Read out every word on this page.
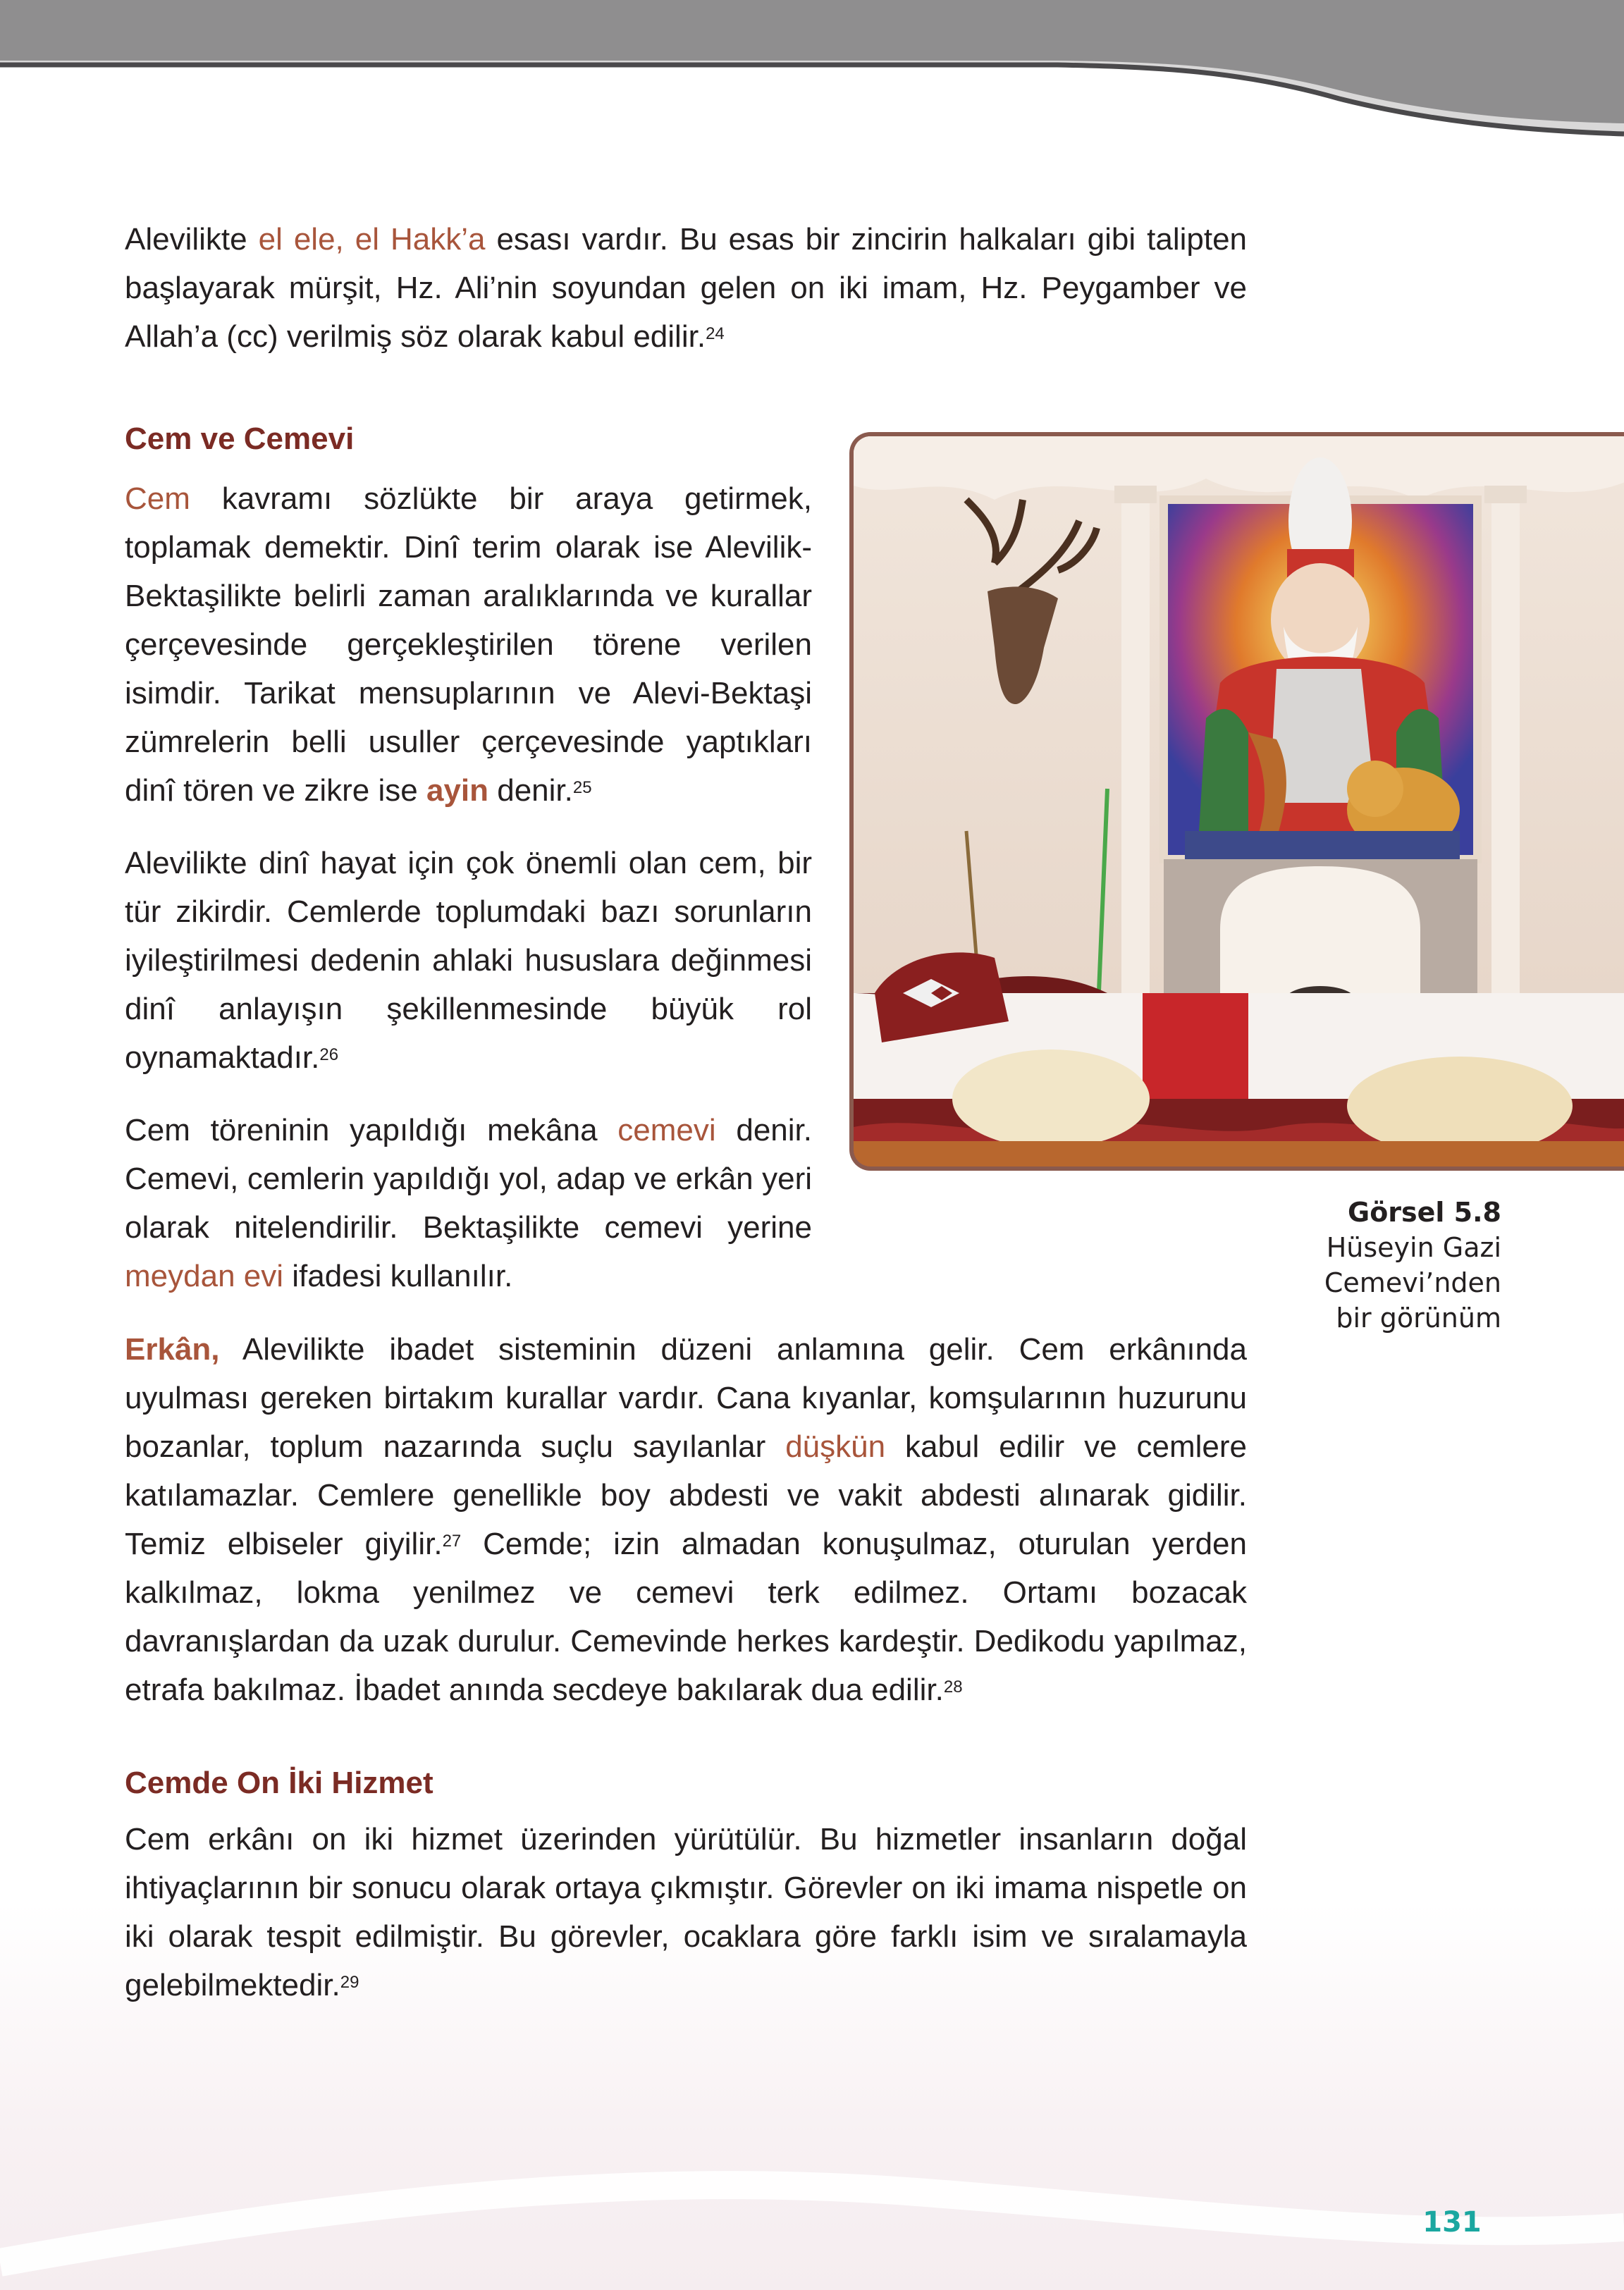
Alevilikte el ele, el Hakk’a esası vardır. Bu esas bir zincirin halkaları gibi talipten başlayarak mürşit, Hz. Ali’nin soyundan gelen on iki imam, Hz. Peygamber ve Allah’a (cc) verilmiş söz olarak kabul edilir.$^{24}$

Cem ve Cemevi

Cem kavramı sözlükte bir araya getirmek, toplamak demektir. Dinî terim olarak ise Alevilik-Bektaşilikte belirli zaman aralıklarında ve kurallar çerçevesinde gerçekleştirilen törene verilen isimdir. Tarikat mensuplarının ve Alevi-Bektaşi zümrelerin belli usuller çerçevesinde yaptıkları dinî tören ve zikre ise ayin denir.$^{25}$

Alevilikte dinî hayat için çok önemli olan cem, bir tür zikirdir. Cemlerde toplumdaki bazı sorunların iyileştirilmesi dedenin ahlaki hususlara değinmesi dinî anlayışın şekillenmesinde büyük rol oynamaktadır.$^{26}$

Cem töreninin yapıldığı mekâna cemevi denir. Cemevi, cemlerin yapıldığı yol, adap ve erkân yeri olarak nitelendirilir. Bektaşilikte cemevi yerine meydan evi ifadesi kullanılır.

Erkân, Alevilikte ibadet sisteminin düzeni anlamına gelir. Cem erkânında uyulması gereken birtakım kurallar vardır. Cana kıyanlar, komşularının huzurunu bozanlar, toplum nazarında suçlu sayılanlar düşkün kabul edilir ve cemlere katılamazlar. Cemlere genellikle boy abdesti ve vakit abdesti alınarak gidilir. Temiz elbiseler giyilir.$^{27}$ Cemde; izin almadan konuşulmaz, oturulan yerden kalkılmaz, lokma yenilmez ve cemevi terk edilmez. Ortamı bozacak davranışlardan da uzak durulur. Cemevinde herkes kardeştir. Dedikodu yapılmaz, etrafa bakılmaz. İbadet anında secdeye bakılarak dua edilir.$^{28}$

Cemde On İki Hizmet

Cem erkânı on iki hizmet üzerinden yürütülür. Bu hizmetler insanların doğal ihtiyaçlarının bir sonucu olarak ortaya çıkmıştır. Görevler on iki imama nispetle on iki olarak tespit edilmiştir. Bu görevler, ocaklara göre farklı isim ve sıralamayla gelebilmektedir.$^{29}$

Görsel 5.8
Hüseyin Gazi
Cemevi’nden
bir görünüm
131
